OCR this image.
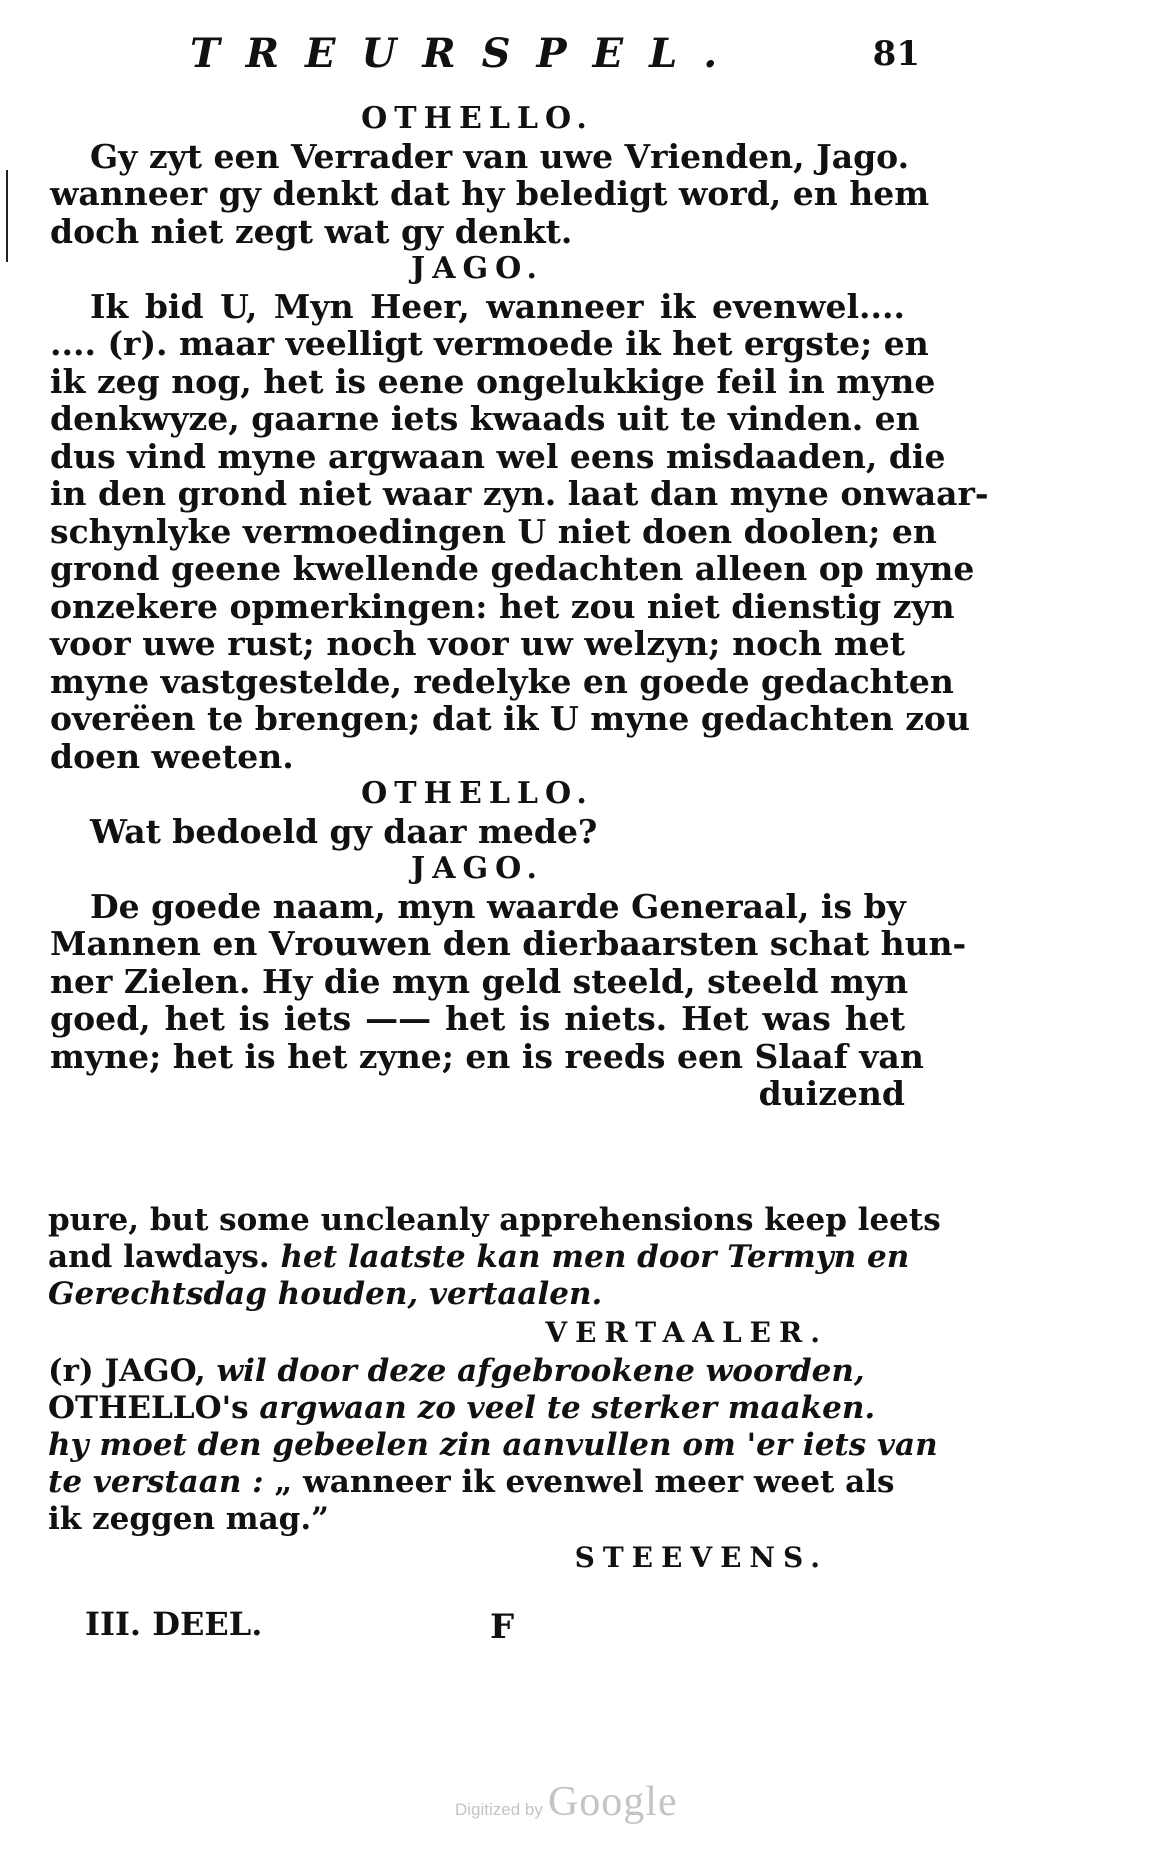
TREURSPEL.	81
OTHELLO.
Gy zyt een Verrader van uwe Vrienden, Jago.
wanneer gy denkt dat hy beledigt word, en hem
doch niet zegt wat gy denkt.
JAGO.
Ik bid U, Myn Heer, wanneer ik evenwel....
.... (r). maar veelligt vermoede ik het ergste; en
ik zeg nog, het is eene ongelukkige feil in myne
denkwyze, gaarne iets kwaads uit te vinden. en
dus vind myne argwaan wel eens misdaaden, die
in den grond niet waar zyn. laat dan myne onwaar-
schynlyke vermoedingen U niet doen doolen; en
grond geene kwellende gedachten alleen op myne
onzekere opmerkingen: het zou niet dienstig zyn
voor uwe rust; noch voor uw welzyn; noch met
myne vastgestelde, redelyke en goede gedachten
overëen te brengen; dat ik U myne gedachten zou
doen weeten.
OTHELLO.
Wat bedoeld gy daar mede?
JAGO.
De goede naam, myn waarde Generaal, is by
Mannen en Vrouwen den dierbaarsten schat hun-
ner Zielen. Hy die myn geld steeld, steeld myn
goed, het is iets —— het is niets. Het was het
myne; het is het zyne; en is reeds een Slaaf van
duizend
pure, but some uncleanly apprehensions keep leets
and lawdays. het laatste kan men door Termyn en
Gerechtsdag houden, vertaalen.
VERTAALER.
(r) JAGO, wil door deze afgebrookene woorden,
OTHELLO's argwaan zo veel te sterker maaken.
hy moet den gebeelen zin aanvullen om 'er iets van
te verstaan : „ wanneer ik evenwel meer weet als
ik zeggen mag.”
STEEVENS.
III. DEEL.	F
Digitized by Google
